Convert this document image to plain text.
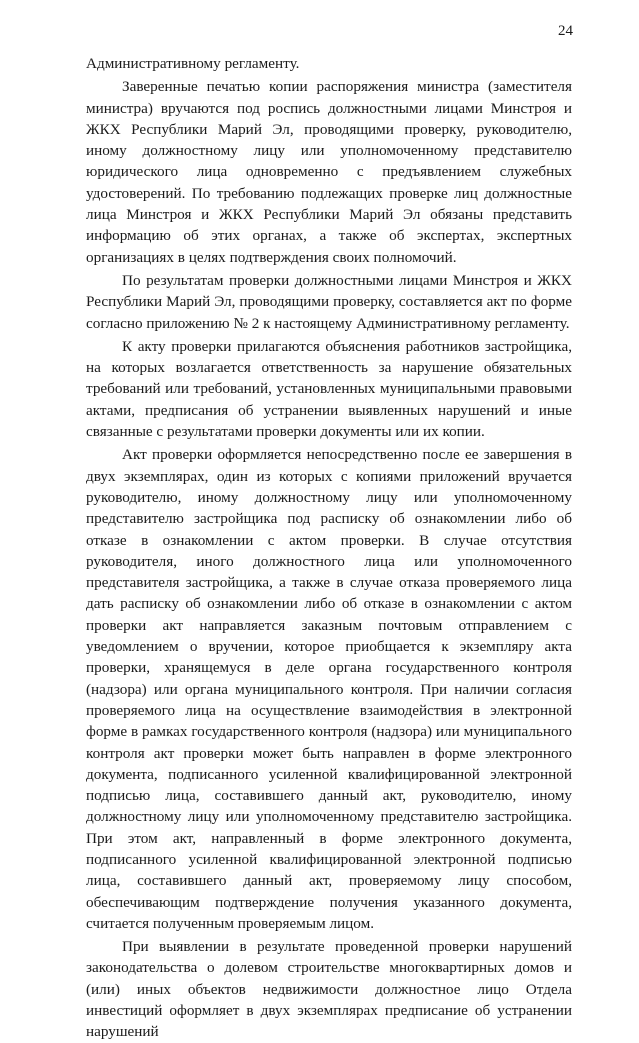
24

Административному регламенту.

Заверенные печатью копии распоряжения министра (заместителя министра) вручаются под роспись должностными лицами Минстроя и ЖКХ Республики Марий Эл, проводящими проверку, руководителю, иному должностному лицу или уполномоченному представителю юридического лица одновременно с предъявлением служебных удостоверений. По требованию подлежащих проверке лиц должностные лица Минстроя и ЖКХ Республики Марий Эл обязаны представить информацию об этих органах, а также об экспертах, экспертных организациях в целях подтверждения своих полномочий.

По результатам проверки должностными лицами Минстроя и ЖКХ Республики Марий Эл, проводящими проверку, составляется акт по форме согласно приложению № 2 к настоящему Административному регламенту.

К акту проверки прилагаются объяснения работников застройщика, на которых возлагается ответственность за нарушение обязательных требований или требований, установленных муниципальными правовыми актами, предписания об устранении выявленных нарушений и иные связанные с результатами проверки документы или их копии.

Акт проверки оформляется непосредственно после ее завершения в двух экземплярах, один из которых с копиями приложений вручается руководителю, иному должностному лицу или уполномоченному представителю застройщика под расписку об ознакомлении либо об отказе в ознакомлении с актом проверки. В случае отсутствия руководителя, иного должностного лица или уполномоченного представителя застройщика, а также в случае отказа проверяемого лица дать расписку об ознакомлении либо об отказе в ознакомлении с актом проверки акт направляется заказным почтовым отправлением с уведомлением о вручении, которое приобщается к экземпляру акта проверки, хранящемуся в деле органа государственного контроля (надзора) или органа муниципального контроля. При наличии согласия проверяемого лица на осуществление взаимодействия в электронной форме в рамках государственного контроля (надзора) или муниципального контроля акт проверки может быть направлен в форме электронного документа, подписанного усиленной квалифицированной электронной подписью лица, составившего данный акт, руководителю, иному должностному лицу или уполномоченному представителю застройщика. При этом акт, направленный в форме электронного документа, подписанного усиленной квалифицированной электронной подписью лица, составившего данный акт, проверяемому лицу способом, обеспечивающим подтверждение получения указанного документа, считается полученным проверяемым лицом.

При выявлении в результате проведенной проверки нарушений законодательства о долевом строительстве многоквартирных домов и (или) иных объектов недвижимости должностное лицо Отдела инвестиций оформляет в двух экземплярах предписание об устранении нарушений
